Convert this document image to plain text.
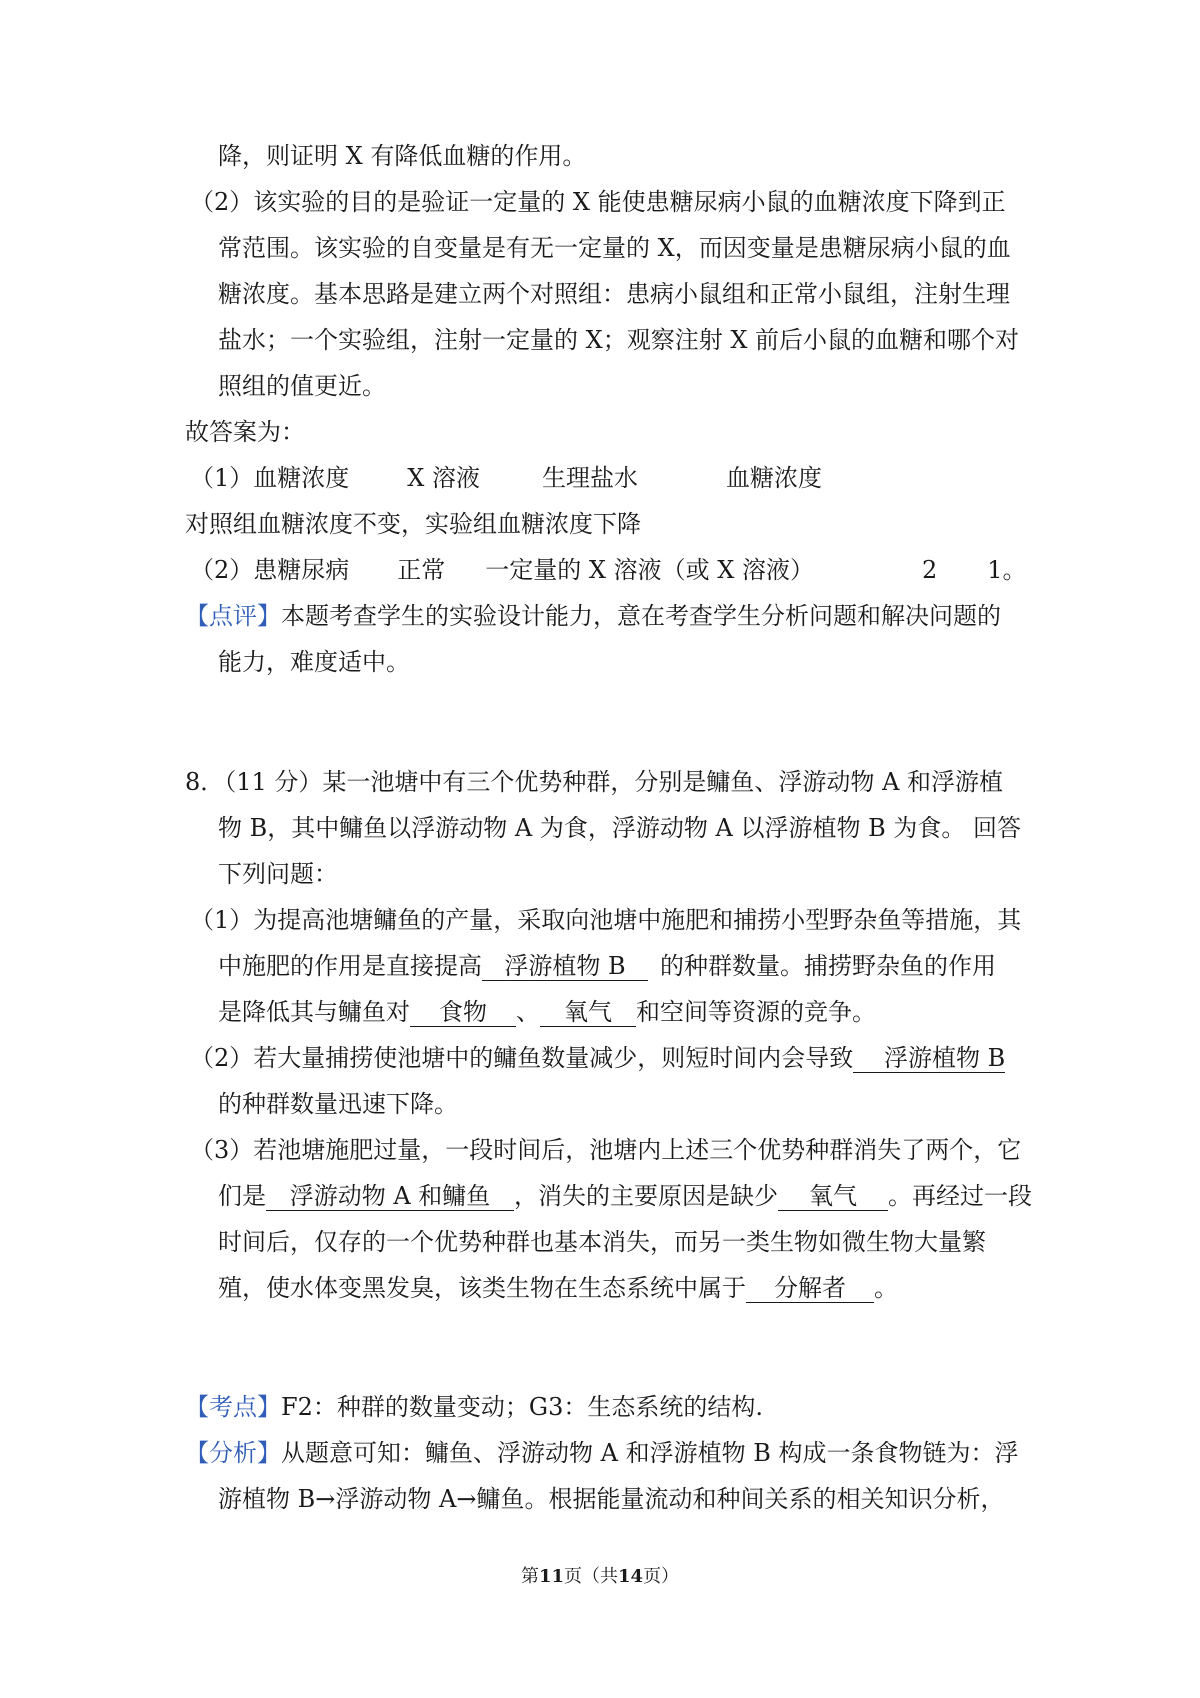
降，则证明 X 有降低血糖的作用。
（2）该实验的目的是验证一定量的 X 能使患糖尿病小鼠的血糖浓度下降到正
常范围。该实验的自变量是有无一定量的 X，而因变量是患糖尿病小鼠的血
糖浓度。基本思路是建立两个对照组：患病小鼠组和正常小鼠组，注射生理
盐水；一个实验组，注射一定量的 X；观察注射 X 前后小鼠的血糖和哪个对
照组的值更近。
故答案为：
（1）血糖浓度 X 溶液	生理盐水	血糖浓度
对照组血糖浓度不变，实验组血糖浓度下降
（2）患糖尿病 正常 一定量的 X 溶液（或 X 溶液）	2 1。
【点评】本题考查学生的实验设计能力，意在考查学生分析问题和解决问题的
能力，难度适中。
8．（11 分）某一池塘中有三个优势种群，分别是鳙鱼、浮游动物 A 和浮游植
物 B，其中鳙鱼以浮游动物 A 为食，浮游动物 A 以浮游植物 B 为食。 回答
下列问题：
（1）为提高池塘鳙鱼的产量，采取向池塘中施肥和捕捞小型野杂鱼等措施，其
中施肥的作用是直接提高 浮游植物 B 的种群数量。捕捞野杂鱼的作用
是降低其与鳙鱼对 食物 、 氧气 和空间等资源的竞争。
（2）若大量捕捞使池塘中的鳙鱼数量减少，则短时间内会导致 浮游植物 B
的种群数量迅速下降。
（3）若池塘施肥过量，一段时间后，池塘内上述三个优势种群消失了两个，它
们是 浮游动物 A 和鳙鱼 ，消失的主要原因是缺少 氧气 。再经过一段
时间后，仅存的一个优势种群也基本消失，而另一类生物如微生物大量繁
殖，使水体变黑发臭，该类生物在生态系统中属于 分解者 。
【考点】F2：种群的数量变动；G3：生态系统的结构.
【分析】从题意可知：鳙鱼、浮游动物 A 和浮游植物 B 构成一条食物链为：浮
游植物 B→浮游动物 A→鳙鱼。根据能量流动和种间关系的相关知识分析，
第11页（共14页）
